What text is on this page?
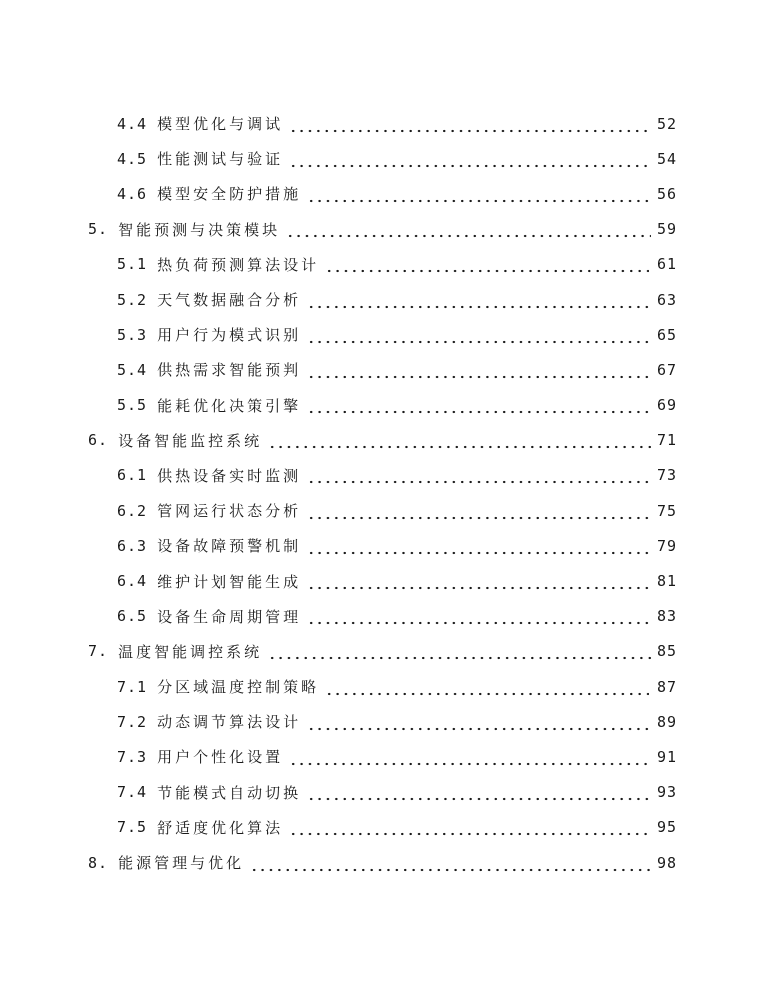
4.4 模型优化与调试	52
4.5 性能测试与验证	54
4.6 模型安全防护措施	56
5. 智能预测与决策模块	59
5.1 热负荷预测算法设计	61
5.2 天气数据融合分析	63
5.3 用户行为模式识别	65
5.4 供热需求智能预判	67
5.5 能耗优化决策引擎	69
6. 设备智能监控系统	71
6.1 供热设备实时监测	73
6.2 管网运行状态分析	75
6.3 设备故障预警机制	79
6.4 维护计划智能生成	81
6.5 设备生命周期管理	83
7. 温度智能调控系统	85
7.1 分区域温度控制策略	87
7.2 动态调节算法设计	89
7.3 用户个性化设置	91
7.4 节能模式自动切换	93
7.5 舒适度优化算法	95
8. 能源管理与优化	98
